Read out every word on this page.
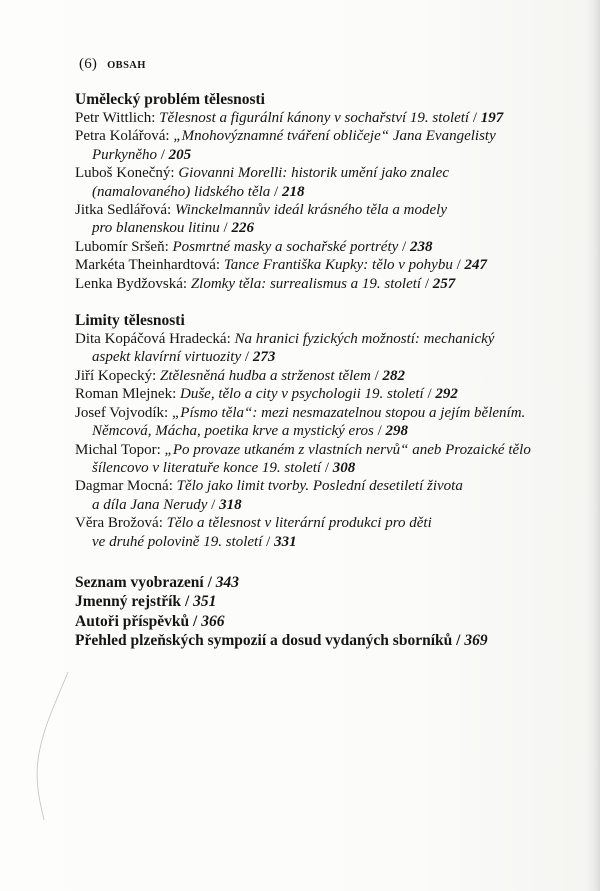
(6) OBSAH
Umělecký problém tělesnosti
Petr Wittlich: Tělesnost a figurální kánony v sochařství 19. století / 197
Petra Kolářová: „Mnohovýznamné tváření obličeje“ Jana Evangelisty
Purkyněho / 205
Luboš Konečný: Giovanni Morelli: historik umění jako znalec
(namalovaného) lidského těla / 218
Jitka Sedlářová: Winckelmannův ideál krásného těla a modely
pro blanenskou litinu / 226
Lubomír Sršeň: Posmrtné masky a sochařské portréty / 238
Markéta Theinhardtová: Tance Františka Kupky: tělo v pohybu / 247
Lenka Bydžovská: Zlomky těla: surrealismus a 19. století / 257
Limity tělesnosti
Dita Kopáčová Hradecká: Na hranici fyzických možností: mechanický
aspekt klavírní virtuozity / 273
Jiří Kopecký: Ztělesněná hudba a strženost tělem / 282
Roman Mlejnek: Duše, tělo a city v psychologii 19. století / 292
Josef Vojvodík: „Písmo těla“: mezi nesmazatelnou stopou a jejím bělením.
Němcová, Mácha, poetika krve a mystický eros / 298
Michal Topor: „Po provaze utkaném z vlastních nervů“ aneb Prozaické tělo
šílencovo v literatuře konce 19. století / 308
Dagmar Mocná: Tělo jako limit tvorby. Poslední desetiletí života
a díla Jana Nerudy / 318
Věra Brožová: Tělo a tělesnost v literární produkci pro děti
ve druhé polovině 19. století / 331
Seznam vyobrazení / 343
Jmenný rejstřík / 351
Autoři příspěvků / 366
Přehled plzeňských sympozií a dosud vydaných sborníků / 369
